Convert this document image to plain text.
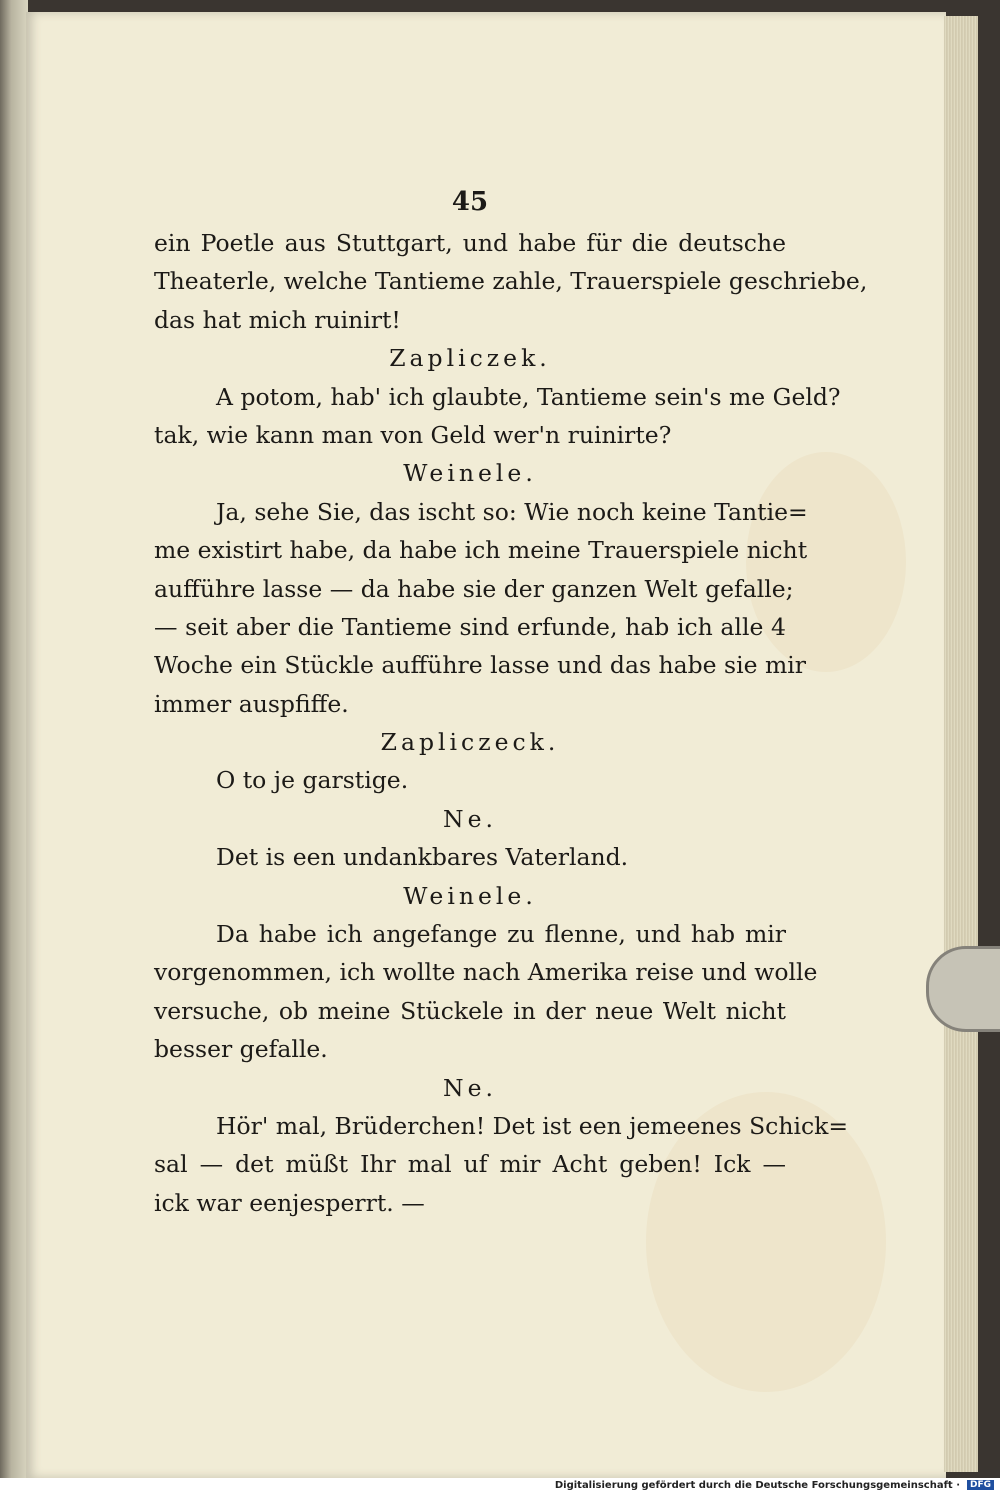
45
ein Poetle aus Stuttgart, und habe für die deutsche
Theaterle, welche Tantieme zahle, Trauerspiele geschriebe,
das hat mich ruinirt!
Zapliczek.
A potom, hab' ich glaubte, Tantieme sein's me Geld?
tak, wie kann man von Geld wer'n ruinirte?
Weinele.
Ja, sehe Sie, das ischt so: Wie noch keine Tantie=
me existirt habe, da habe ich meine Trauerspiele nicht
aufführe lasse — da habe sie der ganzen Welt gefalle;
— seit aber die Tantieme sind erfunde, hab ich alle 4
Woche ein Stückle aufführe lasse und das habe sie mir
immer auspfiffe.
Zapliczeck.
O to je garstige.
Ne.
Det is een undankbares Vaterland.
Weinele.
Da habe ich angefange zu flenne, und hab mir
vorgenommen, ich wollte nach Amerika reise und wolle
versuche, ob meine Stückele in der neue Welt nicht
besser gefalle.
Ne.
Hör' mal, Brüderchen! Det ist een jemeenes Schick=
sal — det müßt Ihr mal uf mir Acht geben! Ick —
ick war eenjesperrt. —
Digitalisierung gefördert durch die Deutsche Forschungsgemeinschaft ·	DFG
